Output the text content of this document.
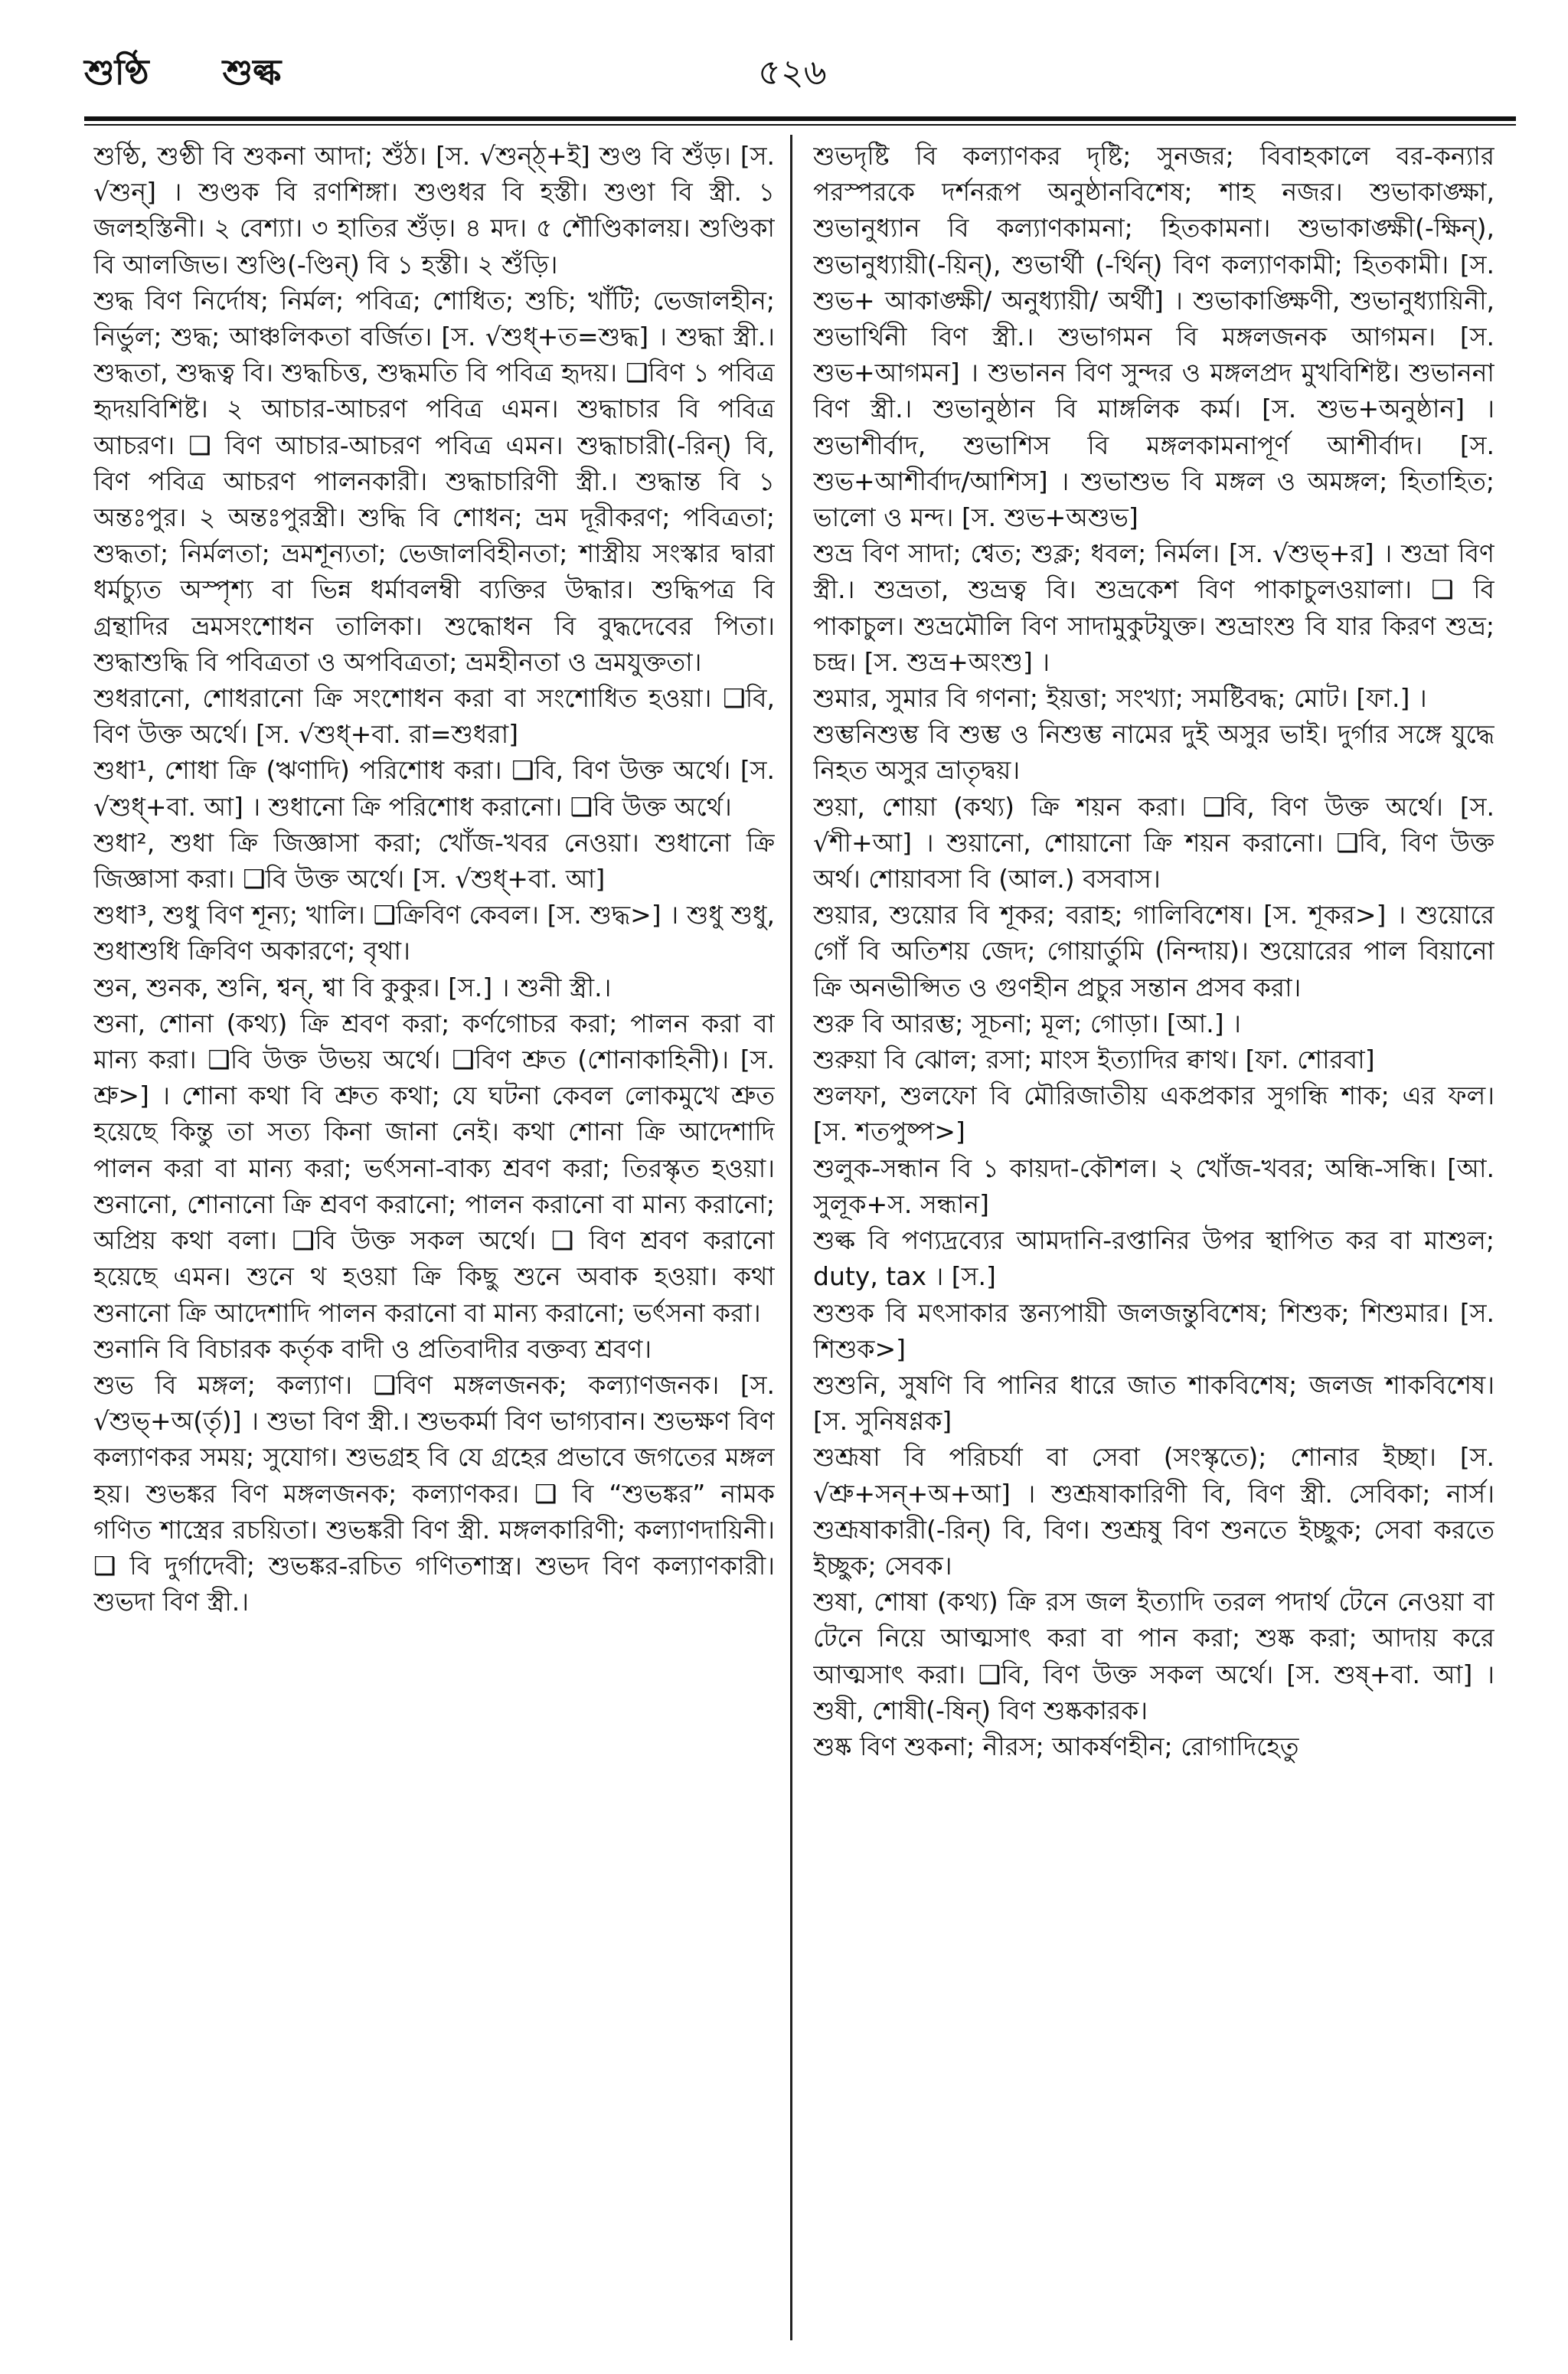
শুণ্ঠি শুল্ক	৫২৬

শুণ্ঠি, শুণ্ঠী বি শুকনা আদা; শুঁঠ। [স. √শুন্ঠ্+ই] শুণ্ড বি শুঁড়। [স. √শুন্] । শুণ্ডক বি রণশিঙ্গা। শুণ্ডধর বি হস্তী। শুণ্ডা বি স্ত্রী. ১ জলহস্তিনী। ২ বেশ্যা। ৩ হাতির শুঁড়। ৪ মদ। ৫ শৌণ্ডিকালয়। শুণ্ডিকা বি আলজিভ। শুণ্ডি(-ণ্ডিন্) বি ১ হস্তী। ২ শুঁড়ি।

শুদ্ধ বিণ নির্দোষ; নির্মল; পবিত্র; শোধিত; শুচি; খাঁটি; ভেজালহীন; নির্ভুল; শুদ্ধ; আঞ্চলিকতা বর্জিত। [স. √শুধ্+ত=শুদ্ধ] । শুদ্ধা স্ত্রী.। শুদ্ধতা, শুদ্ধত্ব বি। শুদ্ধচিত্ত, শুদ্ধমতি বি পবিত্র হৃদয়। ❑বিণ ১ পবিত্র হৃদয়বিশিষ্ট। ২ আচার-আচরণ পবিত্র এমন। শুদ্ধাচার বি পবিত্র আচরণ। ❑ বিণ আচার-আচরণ পবিত্র এমন। শুদ্ধাচারী(-রিন্) বি, বিণ পবিত্র আচরণ পালনকারী। শুদ্ধাচারিণী স্ত্রী.। শুদ্ধান্ত বি ১ অন্তঃপুর। ২ অন্তঃপুরস্ত্রী। শুদ্ধি বি শোধন; ভ্রম দূরীকরণ; পবিত্রতা; শুদ্ধতা; নির্মলতা; ভ্রমশূন্যতা; ভেজালবিহীনতা; শাস্ত্রীয় সংস্কার দ্বারা ধর্মচ্যুত অস্পৃশ্য বা ভিন্ন ধর্মাবলম্বী ব্যক্তির উদ্ধার। শুদ্ধিপত্র বি গ্রন্থাদির ভ্রমসংশোধন তালিকা। শুদ্ধোধন বি বুদ্ধদেবের পিতা। শুদ্ধাশুদ্ধি বি পবিত্রতা ও অপবিত্রতা; ভ্রমহীনতা ও ভ্রমযুক্ততা।

শুধরানো, শোধরানো ক্রি সংশোধন করা বা সংশোধিত হওয়া। ❑বি, বিণ উক্ত অর্থে। [স. √শুধ্+বা. রা=শুধরা]

শুধা¹, শোধা ক্রি (ঋণাদি) পরিশোধ করা। ❑বি, বিণ উক্ত অর্থে। [স. √শুধ্+বা. আ] । শুধানো ক্রি পরিশোধ করানো। ❑বি উক্ত অর্থে।

শুধা², শুধা ক্রি জিজ্ঞাসা করা; খোঁজ-খবর নেওয়া। শুধানো ক্রি জিজ্ঞাসা করা। ❑বি উক্ত অর্থে। [স. √শুধ্+বা. আ]

শুধা³, শুধু বিণ শূন্য; খালি। ❑ক্রিবিণ কেবল। [স. শুদ্ধ>] । শুধু শুধু, শুধাশুধি ক্রিবিণ অকারণে; বৃথা।

শুন, শুনক, শুনি, শ্বন্, শ্বা বি কুকুর। [স.] । শুনী স্ত্রী.।

শুনা, শোনা (কথ্য) ক্রি শ্রবণ করা; কর্ণগোচর করা; পালন করা বা মান্য করা। ❑বি উক্ত উভয় অর্থে। ❑বিণ শ্রুত (শোনাকাহিনী)। [স. শ্রু>] । শোনা কথা বি শ্রুত কথা; যে ঘটনা কেবল লোকমুখে শ্রুত হয়েছে কিন্তু তা সত্য কিনা জানা নেই। কথা শোনা ক্রি আদেশাদি পালন করা বা মান্য করা; ভর্ৎসনা-বাক্য শ্রবণ করা; তিরস্কৃত হওয়া। শুনানো, শোনানো ক্রি শ্রবণ করানো; পালন করানো বা মান্য করানো; অপ্রিয় কথা বলা। ❑বি উক্ত সকল অর্থে। ❑ বিণ শ্রবণ করানো হয়েছে এমন। শুনে থ হওয়া ক্রি কিছু শুনে অবাক হওয়া। কথা শুনানো ক্রি আদেশাদি পালন করানো বা মান্য করানো; ভর্ৎসনা করা।

শুনানি বি বিচারক কর্তৃক বাদী ও প্রতিবাদীর বক্তব্য শ্রবণ।

শুভ বি মঙ্গল; কল্যাণ। ❑বিণ মঙ্গলজনক; কল্যাণজনক। [স. √শুভ্+অ(র্তৃ)] । শুভা বিণ স্ত্রী.। শুভকর্মা বিণ ভাগ্যবান। শুভক্ষণ বিণ কল্যাণকর সময়; সুযোগ। শুভগ্রহ বি যে গ্রহের প্রভাবে জগতের মঙ্গল হয়। শুভঙ্কর বিণ মঙ্গলজনক; কল্যাণকর। ❑ বি “শুভঙ্কর” নামক গণিত শাস্ত্রের রচয়িতা। শুভঙ্করী বিণ স্ত্রী. মঙ্গলকারিণী; কল্যাণদায়িনী। ❑ বি দুর্গাদেবী; শুভঙ্কর-রচিত গণিতশাস্ত্র। শুভদ বিণ কল্যাণকারী। শুভদা বিণ স্ত্রী.।

শুভদৃষ্টি বি কল্যাণকর দৃষ্টি; সুনজর; বিবাহকালে বর-কন্যার পরস্পরকে দর্শনরূপ অনুষ্ঠানবিশেষ; শাহ নজর। শুভাকাঙ্ক্ষা, শুভানুধ্যান বি কল্যাণকামনা; হিতকামনা। শুভাকাঙ্ক্ষী(-ক্ষিন্), শুভানুধ্যায়ী(-য়িন্), শুভার্থী (-র্থিন্) বিণ কল্যাণকামী; হিতকামী। [স. শুভ+ আকাঙ্ক্ষী/ অনুধ্যায়ী/ অর্থী] । শুভাকাঙ্ক্ষিণী, শুভানুধ্যায়িনী, শুভার্থিনী বিণ স্ত্রী.। শুভাগমন বি মঙ্গলজনক আগমন। [স. শুভ+আগমন] । শুভানন বিণ সুন্দর ও মঙ্গলপ্রদ মুখবিশিষ্ট। শুভাননা বিণ স্ত্রী.। শুভানুষ্ঠান বি মাঙ্গলিক কর্ম। [স. শুভ+অনুষ্ঠান] । শুভাশীর্বাদ, শুভাশিস বি মঙ্গলকামনাপূর্ণ আশীর্বাদ। [স. শুভ+আশীর্বাদ/আশিস] । শুভাশুভ বি মঙ্গল ও অমঙ্গল; হিতাহিত; ভালো ও মন্দ। [স. শুভ+অশুভ]

শুভ্র বিণ সাদা; শ্বেত; শুক্ল; ধবল; নির্মল। [স. √শুভ্+র] । শুভ্রা বিণ স্ত্রী.। শুভ্রতা, শুভ্রত্ব বি। শুভ্রকেশ বিণ পাকাচুলওয়ালা। ❑ বি পাকাচুল। শুভ্রমৌলি বিণ সাদামুকুটযুক্ত। শুভ্রাংশু বি যার কিরণ শুভ্র; চন্দ্র। [স. শুভ্র+অংশু] ।

শুমার, সুমার বি গণনা; ইয়ত্তা; সংখ্যা; সমষ্টিবদ্ধ; মোট। [ফা.] ।

শুম্ভনিশুম্ভ বি শুম্ভ ও নিশুম্ভ নামের দুই অসুর ভাই। দুর্গার সঙ্গে যুদ্ধে নিহত অসুর ভ্রাতৃদ্বয়।

শুয়া, শোয়া (কথ্য) ক্রি শয়ন করা। ❑বি, বিণ উক্ত অর্থে। [স. √শী+আ] । শুয়ানো, শোয়ানো ক্রি শয়ন করানো। ❑বি, বিণ উক্ত অর্থ। শোয়াবসা বি (আল.) বসবাস।

শুয়ার, শুয়োর বি শূকর; বরাহ; গালিবিশেষ। [স. শূকর>] । শুয়োরে গোঁ বি অতিশয় জেদ; গোয়ার্তুমি (নিন্দায়)। শুয়োরের পাল বিয়ানো ক্রি অনভীপ্সিত ও গুণহীন প্রচুর সন্তান প্রসব করা।

শুরু বি আরম্ভ; সূচনা; মূল; গোড়া। [আ.] ।

শুরুয়া বি ঝোল; রসা; মাংস ইত্যাদির ক্বাথ। [ফা. শোরবা]

শুলফা, শুলফো বি মৌরিজাতীয় একপ্রকার সুগন্ধি শাক; এর ফল। [স. শতপুষ্প>]

শুলুক-সন্ধান বি ১ কায়দা-কৌশল। ২ খোঁজ-খবর; অন্ধি-সন্ধি। [আ. সুলূক+স. সন্ধান]

শুল্ক বি পণ্যদ্রব্যের আমদানি-রপ্তানির উপর স্থাপিত কর বা মাশুল; duty, tax । [স.]

শুশুক বি মৎসাকার স্তন্যপায়ী জলজন্তুবিশেষ; শিশুক; শিশুমার। [স. শিশুক>]

শুশুনি, সুষণি বি পানির ধারে জাত শাকবিশেষ; জলজ শাকবিশেষ। [স. সুনিষণ্ণক]

শুশ্রূষা বি পরিচর্যা বা সেবা (সংস্কৃতে); শোনার ইচ্ছা। [স. √শ্রু+সন্+অ+আ] । শুশ্রূষাকারিণী বি, বিণ স্ত্রী. সেবিকা; নার্স। শুশ্রূষাকারী(-রিন্) বি, বিণ। শুশ্রূষু বিণ শুনতে ইচ্ছুক; সেবা করতে ইচ্ছুক; সেবক।

শুষা, শোষা (কথ্য) ক্রি রস জল ইত্যাদি তরল পদার্থ টেনে নেওয়া বা টেনে নিয়ে আত্মসাৎ করা বা পান করা; শুষ্ক করা; আদায় করে আত্মসাৎ করা। ❑বি, বিণ উক্ত সকল অর্থে। [স. শুষ্+বা. আ] । শুষী, শোষী(-ষিন্) বিণ শুষ্ককারক।

শুষ্ক বিণ শুকনা; নীরস; আকর্ষণহীন; রোগাদিহেতু
